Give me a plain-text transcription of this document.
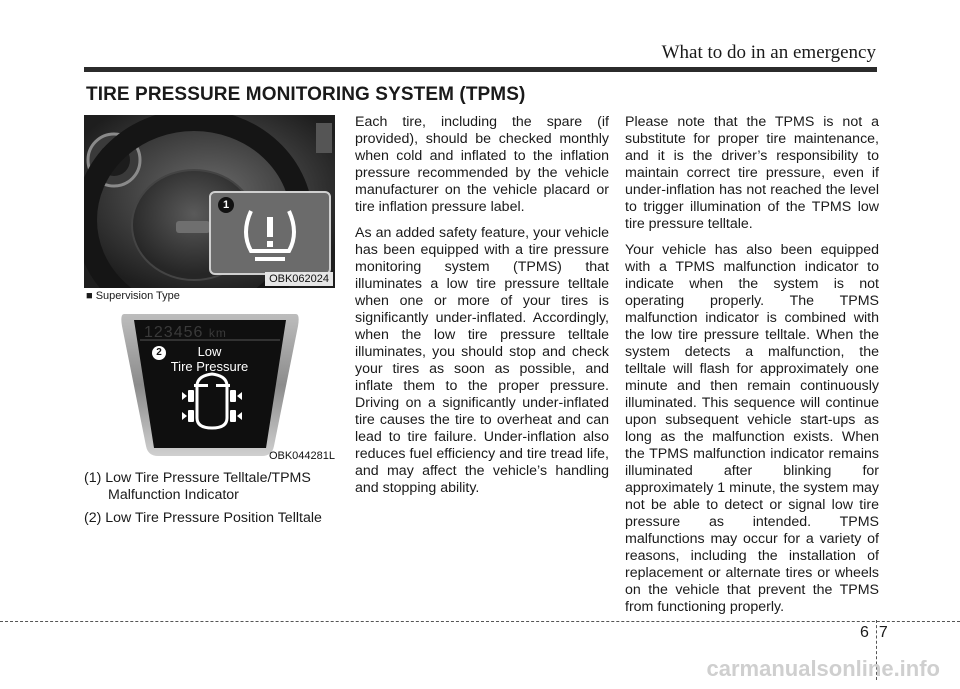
What to do in an emergency
TIRE PRESSURE MONITORING SYSTEM (TPMS)
1
OBK062024
■ Supervision Type
123456 km
Low
Tire Pressure
2
OBK044281L

(1) Low Tire Pressure Telltale/TPMS Malfunction Indicator

(2) Low Tire Pressure Position Telltale

Each tire, including the spare (if provided), should be checked monthly when cold and inflated to the inflation pressure recommended by the vehicle manufacturer on the vehicle placard or tire inflation pressure label.

As an added safety feature, your vehicle has been equipped with a tire pressure monitoring system (TPMS) that illuminates a low tire pressure telltale when one or more of your tires is significantly under-inflated. Accordingly, when the low tire pressure telltale illuminates, you should stop and check your tires as soon as possible, and inflate them to the proper pressure. Driving on a significantly under-inflated tire causes the tire to overheat and can lead to tire failure. Under-inflation also reduces fuel efficiency and tire tread life, and may affect the vehicle’s handling and stopping ability.

Please note that the TPMS is not a substitute for proper tire maintenance, and it is the driver’s responsibility to maintain correct tire pressure, even if under-inflation has not reached the level to trigger illumination of the TPMS low tire pressure telltale.

Your vehicle has also been equipped with a TPMS malfunction indicator to indicate when the system is not operating properly. The TPMS malfunction indicator is combined with the low tire pressure telltale. When the system detects a malfunction, the telltale will flash for approximately one minute and then remain continuously illuminated. This sequence will continue upon subsequent vehicle start-ups as long as the malfunction exists. When the TPMS malfunction indicator remains illuminated after blinking for approximately 1 minute, the system may not be able to detect or signal low tire pressure as intended. TPMS malfunctions may occur for a variety of reasons, including the installation of replacement or alternate tires or wheels on the vehicle that prevent the TPMS from functioning properly.

6 7
carmanualsonline.info
